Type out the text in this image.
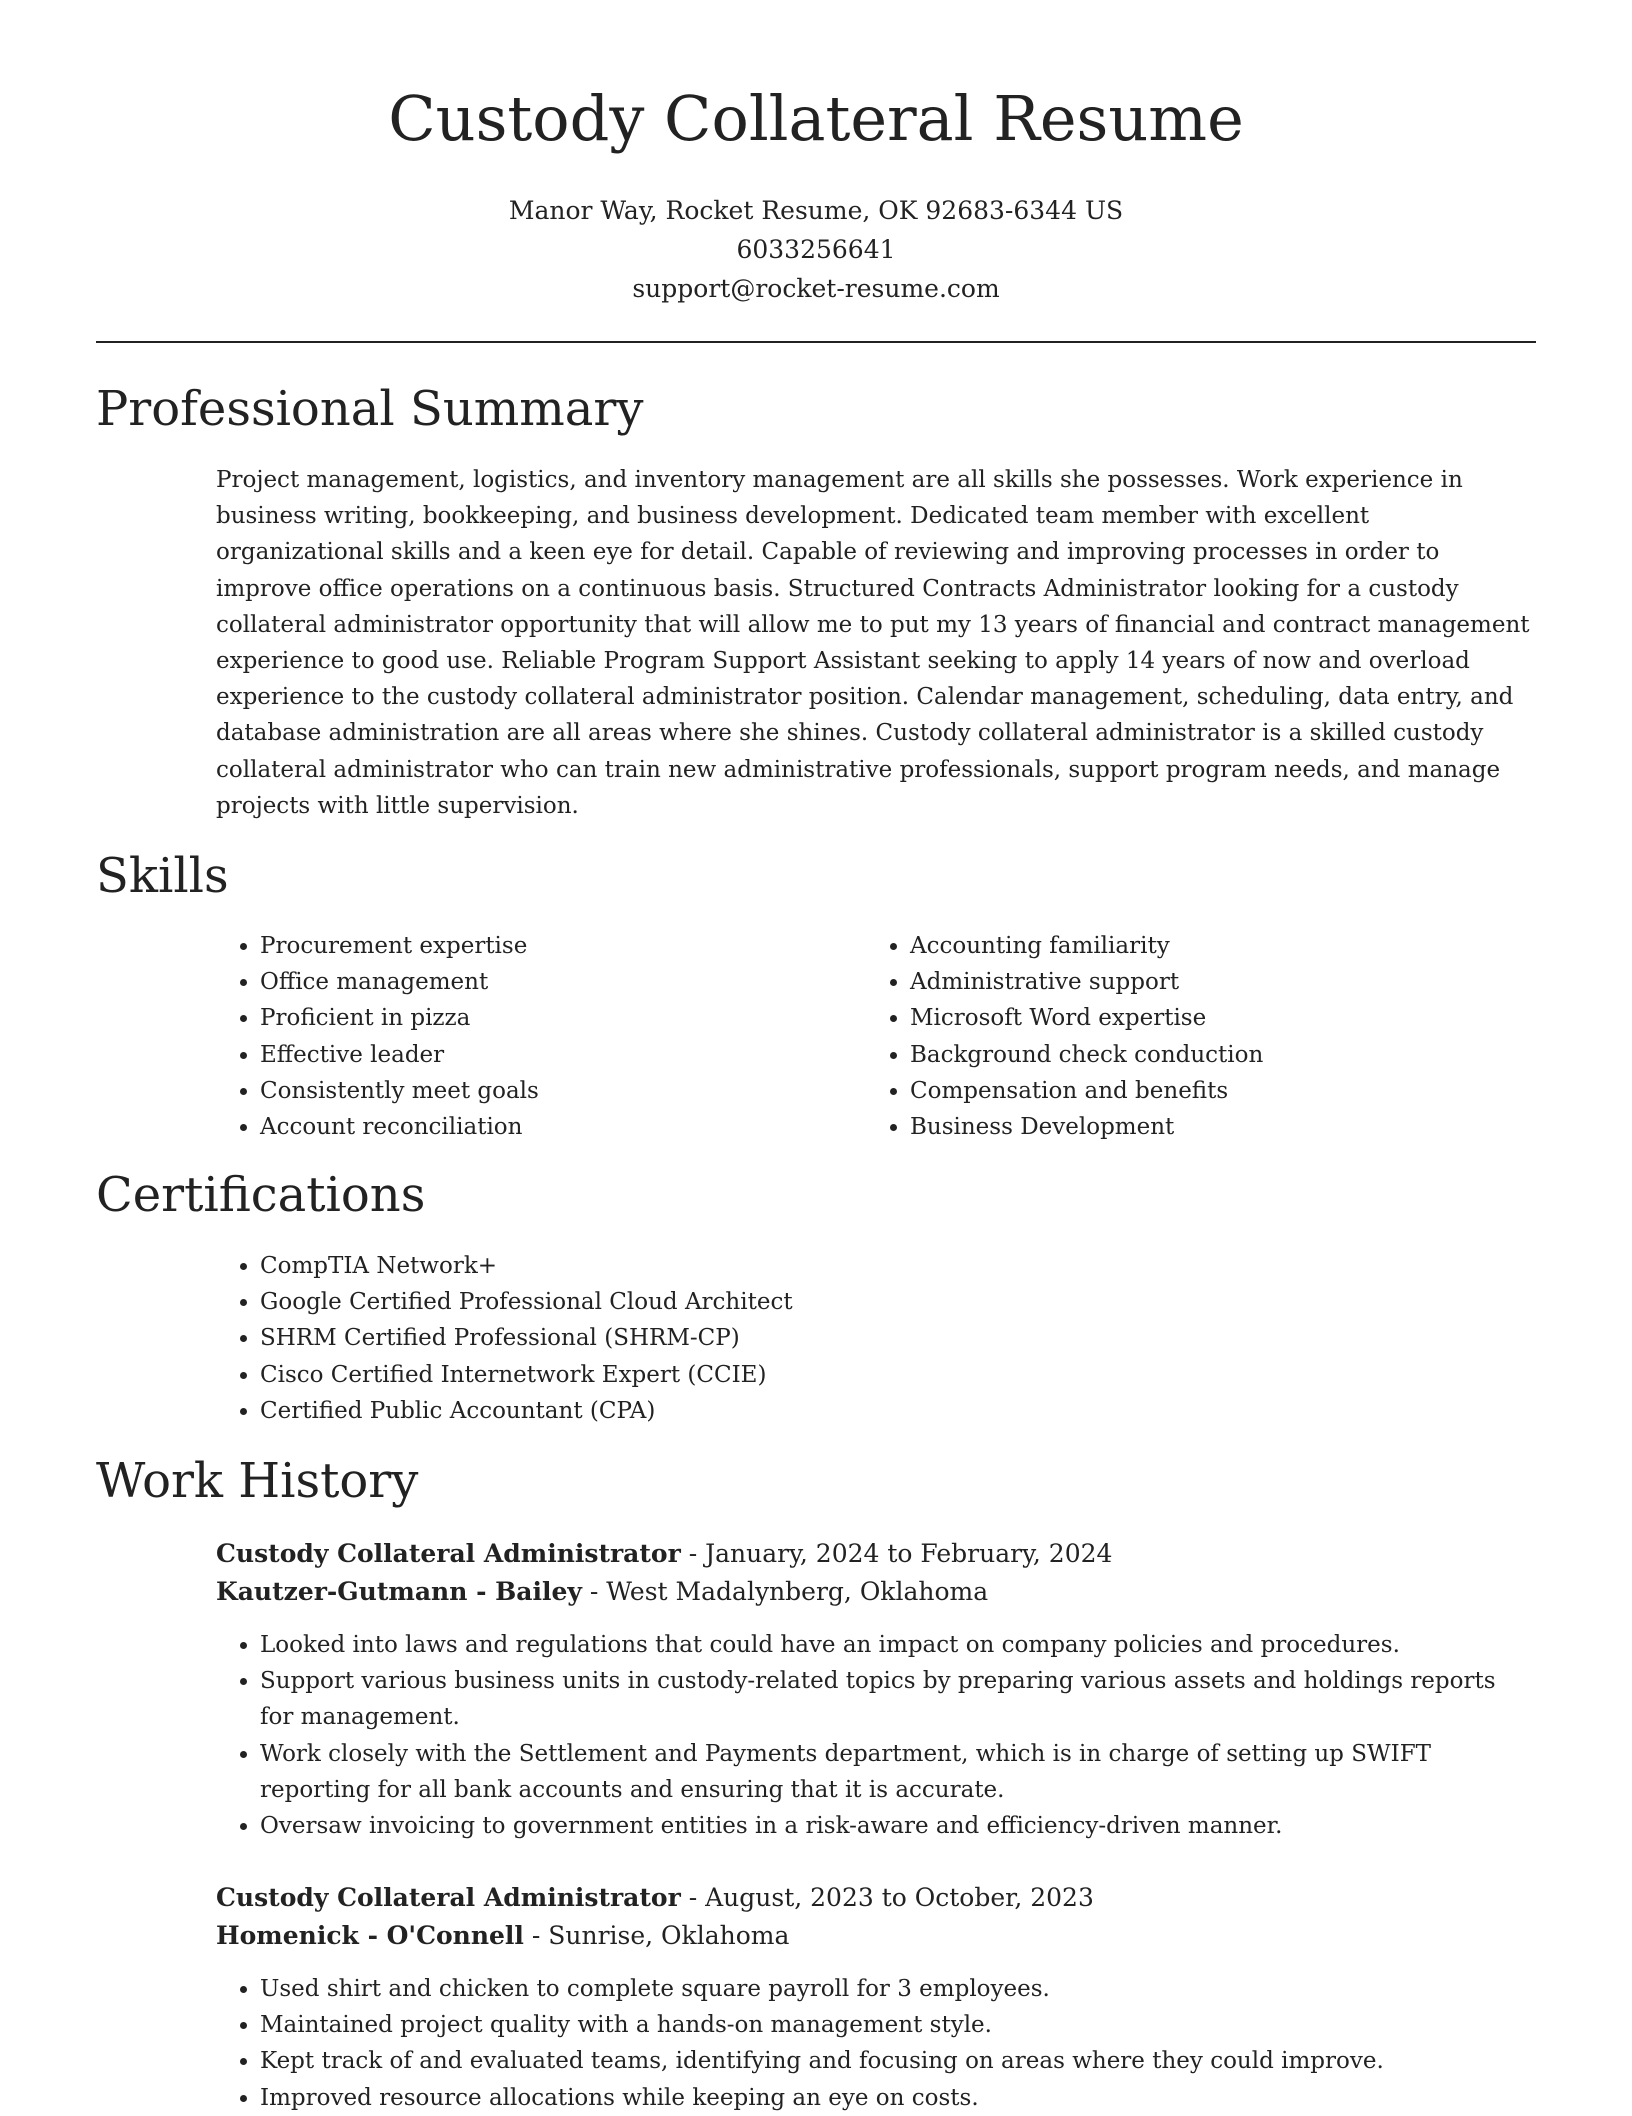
Custody Collateral Resume
Manor Way, Rocket Resume, OK 92683-6344 US
6033256641
support@rocket-resume.com
Professional Summary

Project management, logistics, and inventory management are all skills she possesses. Work experience in business writing, bookkeeping, and business development. Dedicated team member with excellent organizational skills and a keen eye for detail. Capable of reviewing and improving processes in order to improve office operations on a continuous basis. Structured Contracts Administrator looking for a custody collateral administrator opportunity that will allow me to put my 13 years of financial and contract management experience to good use. Reliable Program Support Assistant seeking to apply 14 years of now and overload experience to the custody collateral administrator position. Calendar management, scheduling, data entry, and database administration are all areas where she shines. Custody collateral administrator is a skilled custody collateral administrator who can train new administrative professionals, support program needs, and manage projects with little supervision.

Skills
• Procurement expertise
• Office management
• Proficient in pizza
• Effective leader
• Consistently meet goals
• Account reconciliation
• Accounting familiarity
• Administrative support
• Microsoft Word expertise
• Background check conduction
• Compensation and benefits
• Business Development
Certifications
• CompTIA Network+
• Google Certified Professional Cloud Architect
• SHRM Certified Professional (SHRM-CP)
• Cisco Certified Internetwork Expert (CCIE)
• Certified Public Accountant (CPA)
Work History
Custody Collateral Administrator - January, 2024 to February, 2024
Kautzer-Gutmann - Bailey - West Madalynberg, Oklahoma
• Looked into laws and regulations that could have an impact on company policies and procedures.
• Support various business units in custody-related topics by preparing various assets and holdings reports for management.
• Work closely with the Settlement and Payments department, which is in charge of setting up SWIFT reporting for all bank accounts and ensuring that it is accurate.
• Oversaw invoicing to government entities in a risk-aware and efficiency-driven manner.
Custody Collateral Administrator - August, 2023 to October, 2023
Homenick - O'Connell - Sunrise, Oklahoma
• Used shirt and chicken to complete square payroll for 3 employees.
• Maintained project quality with a hands-on management style.
• Kept track of and evaluated teams, identifying and focusing on areas where they could improve.
• Improved resource allocations while keeping an eye on costs.
